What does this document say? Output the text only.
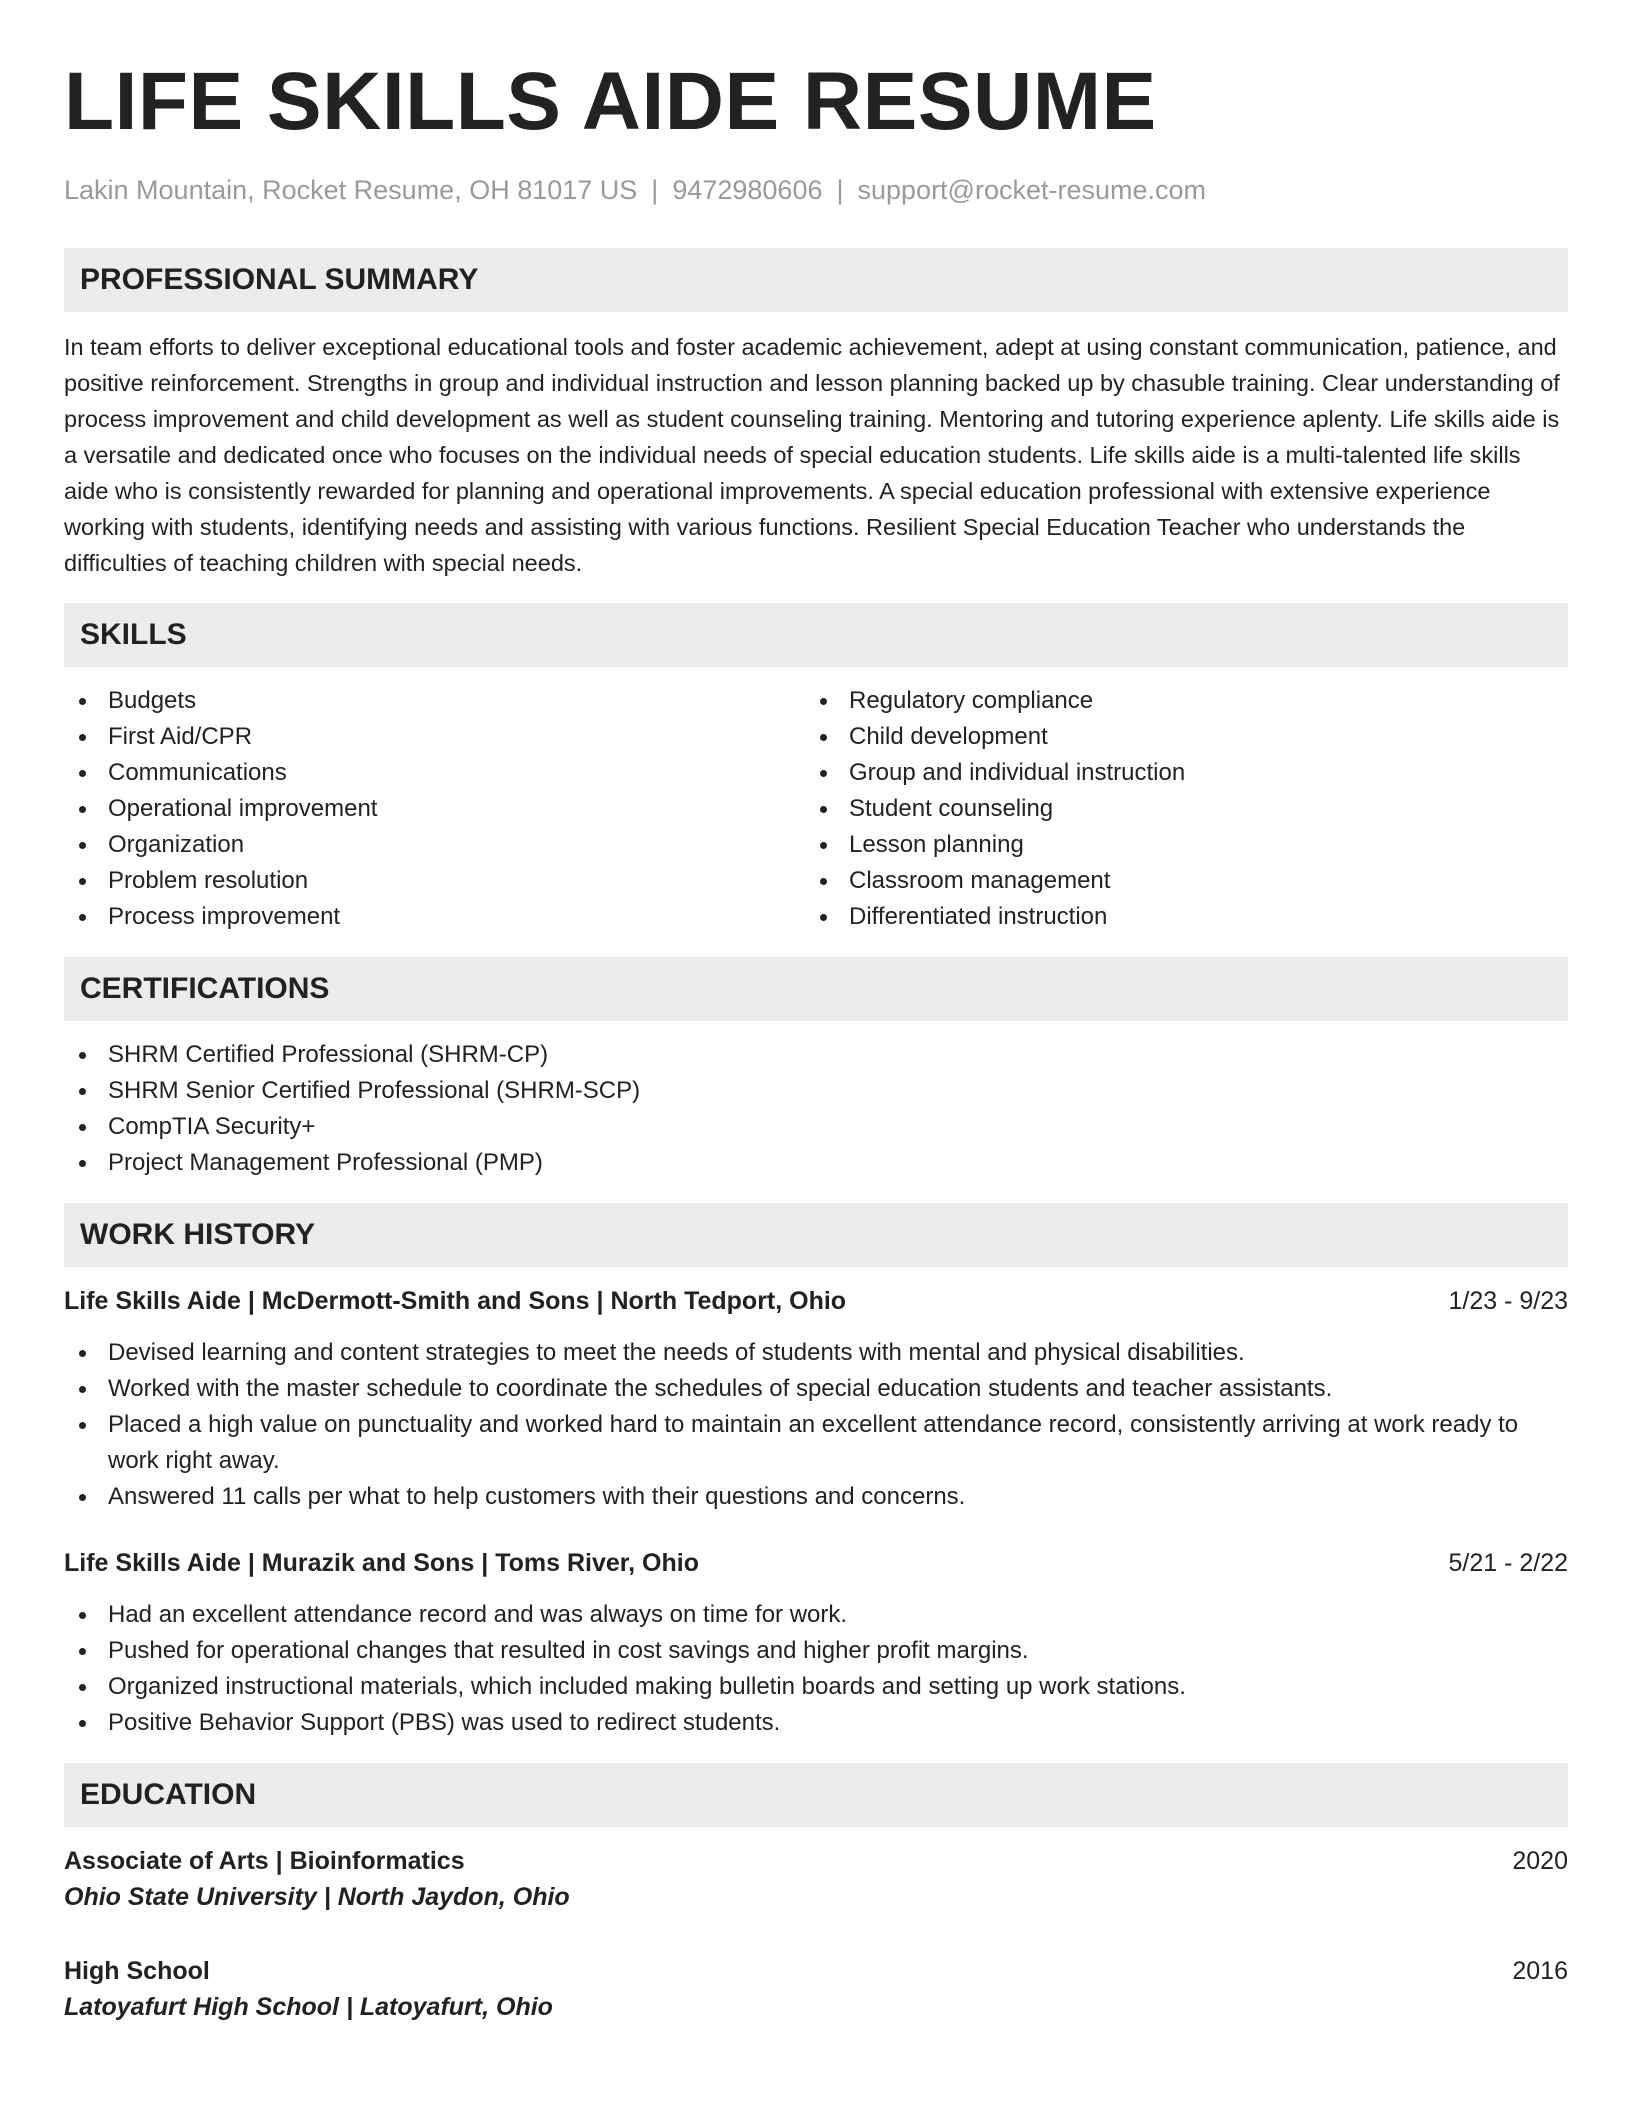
LIFE SKILLS AIDE RESUME
Lakin Mountain, Rocket Resume, OH 81017 US | 9472980606 | support@rocket-resume.com
PROFESSIONAL SUMMARY

In team efforts to deliver exceptional educational tools and foster academic achievement, adept at using constant communication, patience, and positive reinforcement. Strengths in group and individual instruction and lesson planning backed up by chasuble training. Clear understanding of process improvement and child development as well as student counseling training. Mentoring and tutoring experience aplenty. Life skills aide is a versatile and dedicated once who focuses on the individual needs of special education students. Life skills aide is a multi-talented life skills aide who is consistently rewarded for planning and operational improvements. A special education professional with extensive experience working with students, identifying needs and assisting with various functions. Resilient Special Education Teacher who understands the difficulties of teaching children with special needs.

SKILLS
Budgets
First Aid/CPR
Communications
Operational improvement
Organization
Problem resolution
Process improvement
Regulatory compliance
Child development
Group and individual instruction
Student counseling
Lesson planning
Classroom management
Differentiated instruction
CERTIFICATIONS
SHRM Certified Professional (SHRM-CP)
SHRM Senior Certified Professional (SHRM-SCP)
CompTIA Security+
Project Management Professional (PMP)
WORK HISTORY
Life Skills Aide | McDermott-Smith and Sons | North Tedport, Ohio	1/23 - 9/23
Devised learning and content strategies to meet the needs of students with mental and physical disabilities.
Worked with the master schedule to coordinate the schedules of special education students and teacher assistants.
Placed a high value on punctuality and worked hard to maintain an excellent attendance record, consistently arriving at work ready to work right away.
Answered 11 calls per what to help customers with their questions and concerns.
Life Skills Aide | Murazik and Sons | Toms River, Ohio	5/21 - 2/22
Had an excellent attendance record and was always on time for work.
Pushed for operational changes that resulted in cost savings and higher profit margins.
Organized instructional materials, which included making bulletin boards and setting up work stations.
Positive Behavior Support (PBS) was used to redirect students.
EDUCATION
Associate of Arts | Bioinformatics	2020
Ohio State University | North Jaydon, Ohio
High School	2016
Latoyafurt High School | Latoyafurt, Ohio
